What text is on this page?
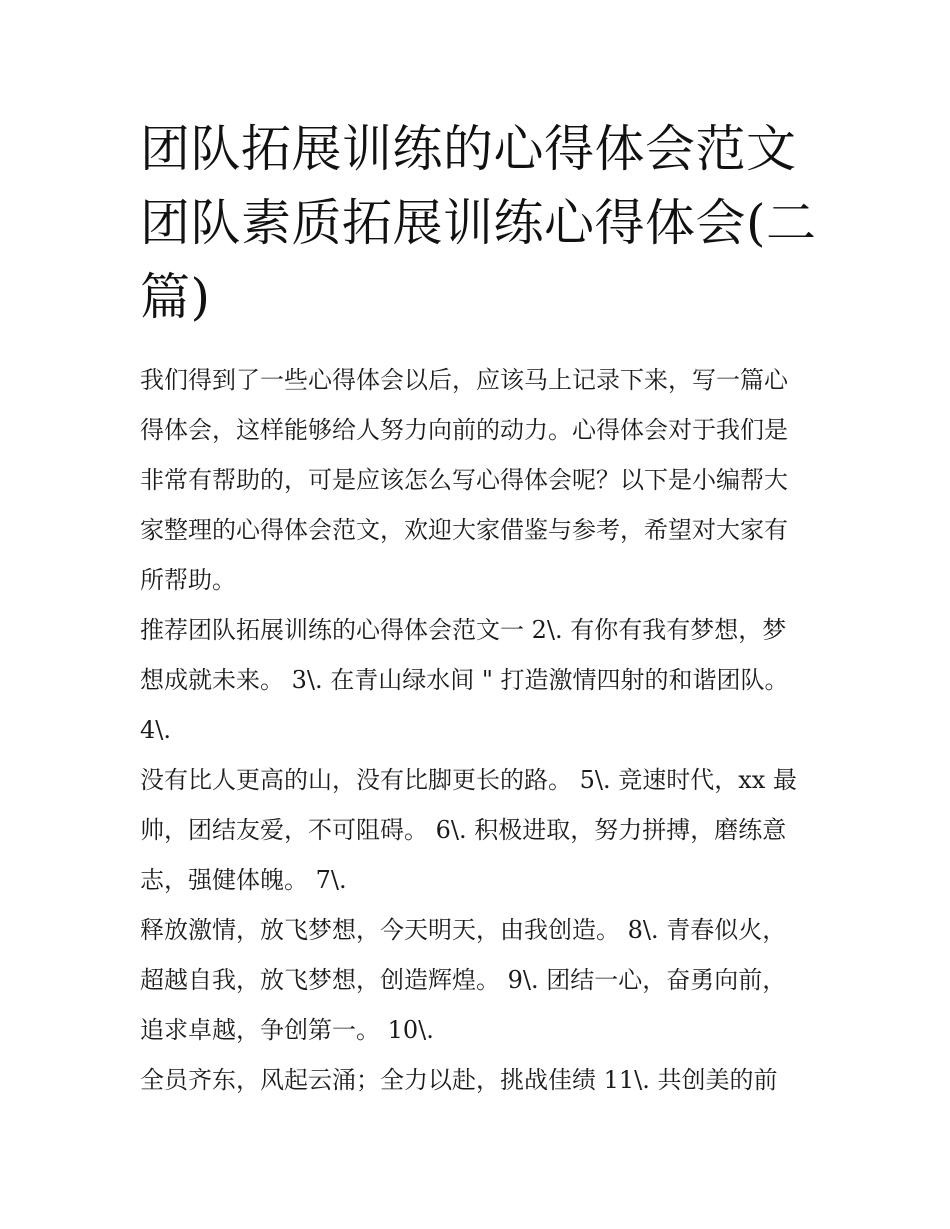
团队拓展训练的心得体会范文
团队素质拓展训练心得体会(二
篇)

我们得到了一些心得体会以后，应该马上记录下来，写一篇心
得体会，这样能够给人努力向前的动力。心得体会对于我们是
非常有帮助的，可是应该怎么写心得体会呢？以下是小编帮大
家整理的心得体会范文，欢迎大家借鉴与参考，希望对大家有
所帮助。

推荐团队拓展训练的心得体会范文一 2\. 有你有我有梦想，梦
想成就未来。 3\. 在青山绿水间 " 打造激情四射的和谐团队。
4\.

没有比人更高的山，没有比脚更长的路。 5\. 竞速时代，xx 最
帅，团结友爱，不可阻碍。 6\. 积极进取，努力拼搏，磨练意
志，强健体魄。 7\.

释放激情，放飞梦想，今天明天，由我创造。 8\. 青春似火，
超越自我，放飞梦想，创造辉煌。 9\. 团结一心，奋勇向前，
追求卓越，争创第一。 10\.

全员齐东，风起云涌；全力以赴，挑战佳绩 11\. 共创美的前
